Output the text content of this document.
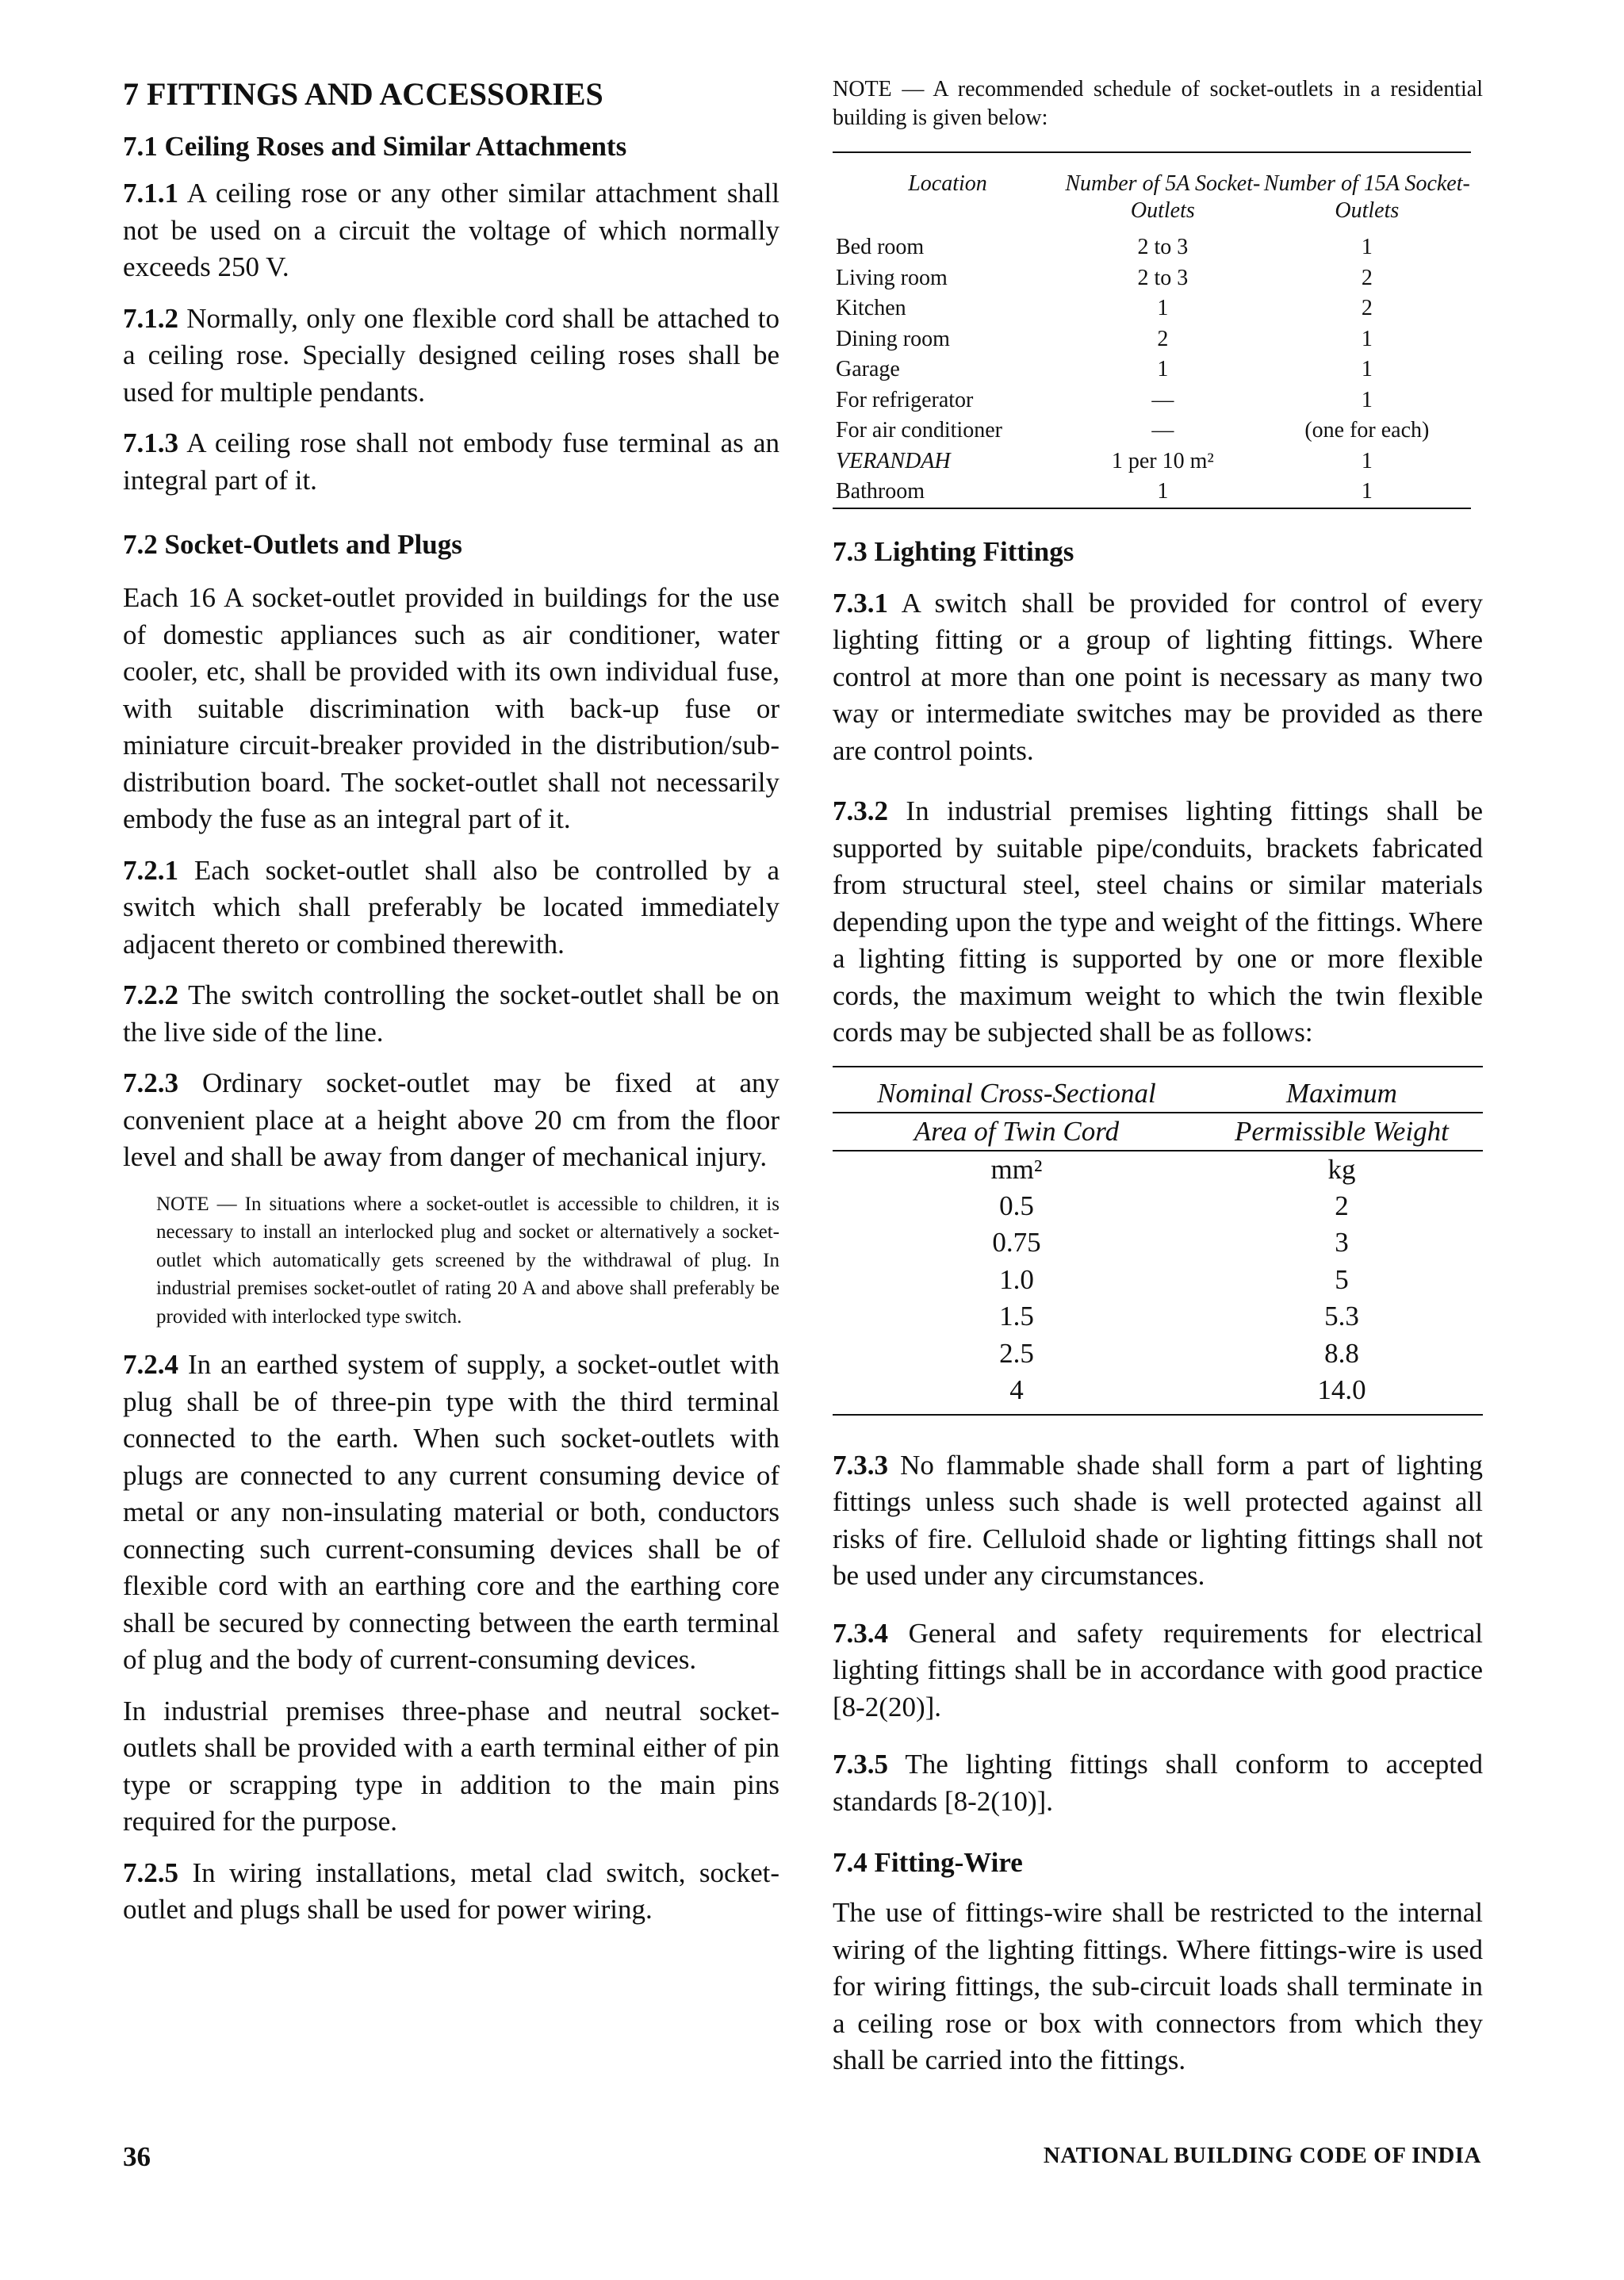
7 FITTINGS AND ACCESSORIES
7.1 Ceiling Roses and Similar Attachments
7.1.1 A ceiling rose or any other similar attachment shall not be used on a circuit the voltage of which normally exceeds 250 V.
7.1.2 Normally, only one flexible cord shall be attached to a ceiling rose. Specially designed ceiling roses shall be used for multiple pendants.
7.1.3 A ceiling rose shall not embody fuse terminal as an integral part of it.
7.2 Socket-Outlets and Plugs
Each 16 A socket-outlet provided in buildings for the use of domestic appliances such as air conditioner, water cooler, etc, shall be provided with its own individual fuse, with suitable discrimination with back-up fuse or miniature circuit-breaker provided in the distribution/sub-distribution board. The socket-outlet shall not necessarily embody the fuse as an integral part of it.
7.2.1 Each socket-outlet shall also be controlled by a switch which shall preferably be located immediately adjacent thereto or combined therewith.
7.2.2 The switch controlling the socket-outlet shall be on the live side of the line.
7.2.3 Ordinary socket-outlet may be fixed at any convenient place at a height above 20 cm from the floor level and shall be away from danger of mechanical injury.
NOTE — In situations where a socket-outlet is accessible to children, it is necessary to install an interlocked plug and socket or alternatively a socket-outlet which automatically gets screened by the withdrawal of plug. In industrial premises socket-outlet of rating 20 A and above shall preferably be provided with interlocked type switch.
7.2.4 In an earthed system of supply, a socket-outlet with plug shall be of three-pin type with the third terminal connected to the earth. When such socket-outlets with plugs are connected to any current consuming device of metal or any non-insulating material or both, conductors connecting such current-consuming devices shall be of flexible cord with an earthing core and the earthing core shall be secured by connecting between the earth terminal of plug and the body of current-consuming devices.
In industrial premises three-phase and neutral socket-outlets shall be provided with a earth terminal either of pin type or scrapping type in addition to the main pins required for the purpose.
7.2.5 In wiring installations, metal clad switch, socket-outlet and plugs shall be used for power wiring.
NOTE — A recommended schedule of socket-outlets in a residential building is given below:
Location	Number of 5A Socket-Outlets	Number of 15A Socket-Outlets
Bed room	2 to 3	1
Living room	2 to 3	2
Kitchen	1	2
Dining room	2	1
Garage	1	1
For refrigerator	—	1
For air conditioner	—	(one for each)
VERANDAH	1 per 10 m²	1
Bathroom	1	1
7.3 Lighting Fittings
7.3.1 A switch shall be provided for control of every lighting fitting or a group of lighting fittings. Where control at more than one point is necessary as many two way or intermediate switches may be provided as there are control points.
7.3.2 In industrial premises lighting fittings shall be supported by suitable pipe/conduits, brackets fabricated from structural steel, steel chains or similar materials depending upon the type and weight of the fittings. Where a lighting fitting is supported by one or more flexible cords, the maximum weight to which the twin flexible cords may be subjected shall be as follows:
Nominal Cross-Sectional	Maximum
Area of Twin Cord	Permissible Weight
mm²	kg
0.5	2
0.75	3
1.0	5
1.5	5.3
2.5	8.8
4	14.0
7.3.3 No flammable shade shall form a part of lighting fittings unless such shade is well protected against all risks of fire. Celluloid shade or lighting fittings shall not be used under any circumstances.
7.3.4 General and safety requirements for electrical lighting fittings shall be in accordance with good practice [8-2(20)].
7.3.5 The lighting fittings shall conform to accepted standards [8-2(10)].
7.4 Fitting-Wire
The use of fittings-wire shall be restricted to the internal wiring of the lighting fittings. Where fittings-wire is used for wiring fittings, the sub-circuit loads shall terminate in a ceiling rose or box with connectors from which they shall be carried into the fittings.
36	NATIONAL BUILDING CODE OF INDIA
